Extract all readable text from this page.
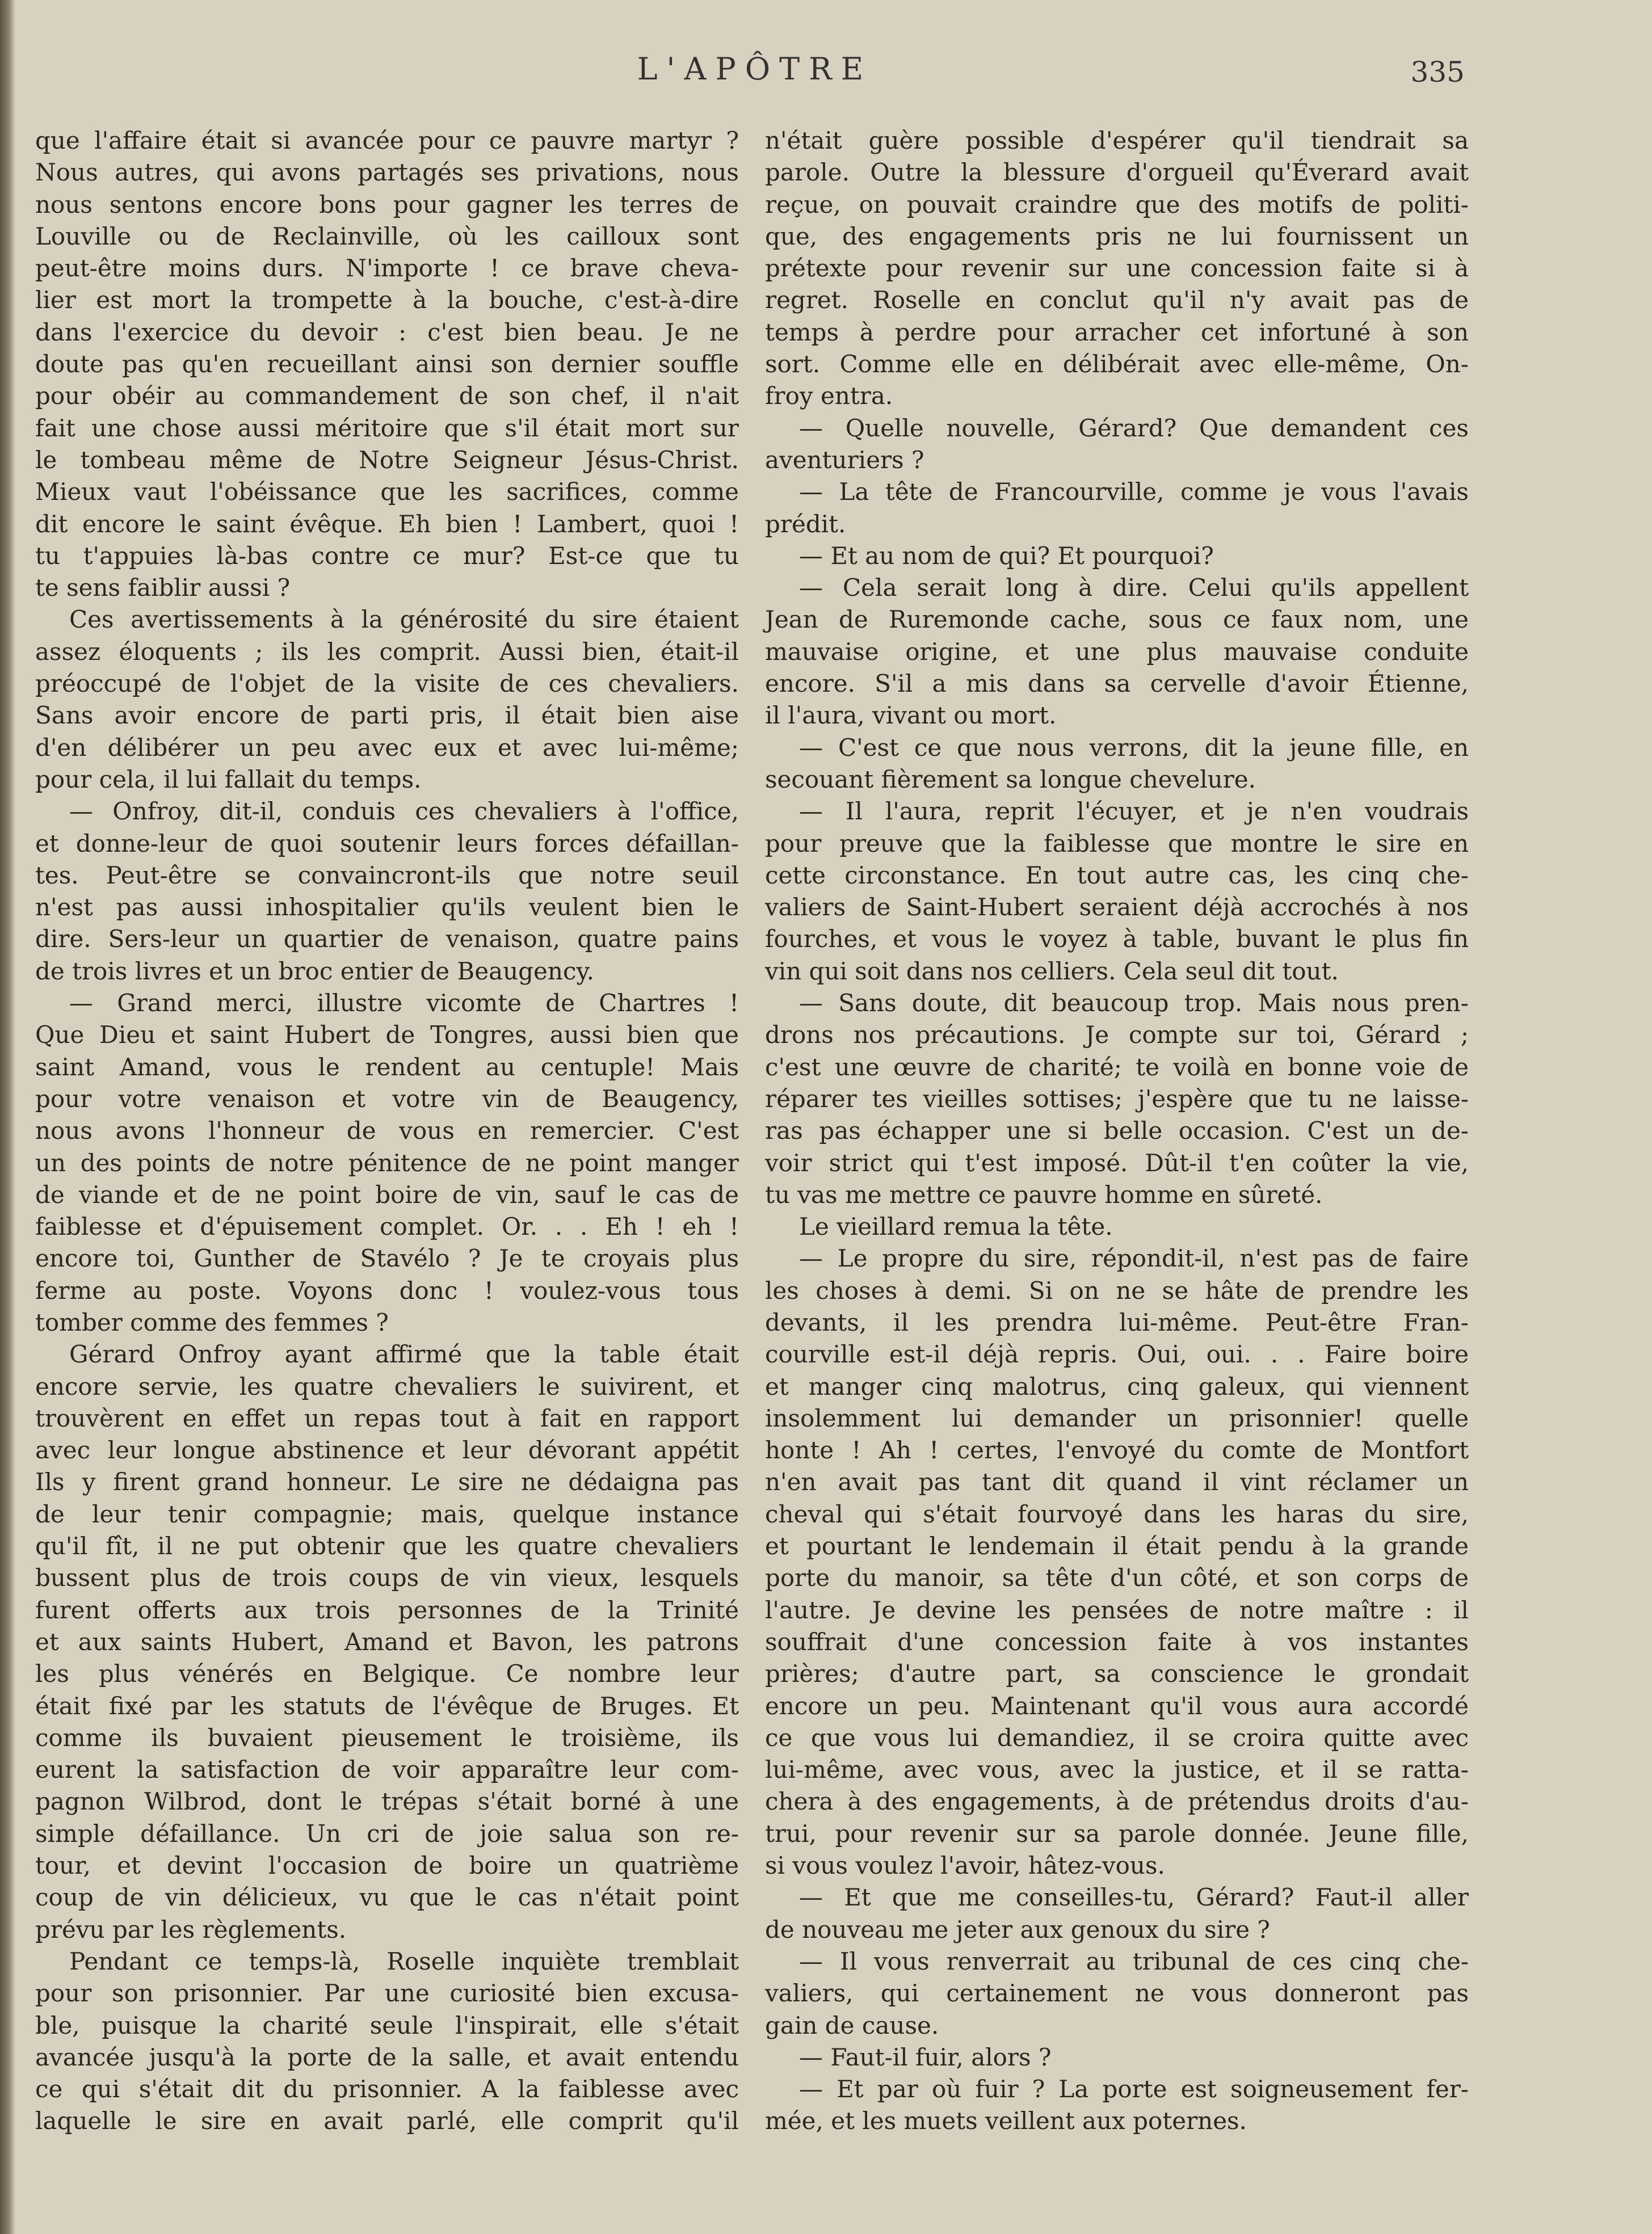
L'APÔTRE	335
que l'affaire était si avancée pour ce pauvre martyr ?
Nous autres, qui avons partagés ses privations, nous
nous sentons encore bons pour gagner les terres de
Louville ou de Reclainville, où les cailloux sont
peut-être moins durs. N'importe ! ce brave cheva-
lier est mort la trompette à la bouche, c'est-à-dire
dans l'exercice du devoir : c'est bien beau. Je ne
doute pas qu'en recueillant ainsi son dernier souffle
pour obéir au commandement de son chef, il n'ait
fait une chose aussi méritoire que s'il était mort sur
le tombeau même de Notre Seigneur Jésus-Christ.
Mieux vaut l'obéissance que les sacrifices, comme
dit encore le saint évêque. Eh bien ! Lambert, quoi !
tu t'appuies là-bas contre ce mur? Est-ce que tu
te sens faiblir aussi ?
Ces avertissements à la générosité du sire étaient
assez éloquents ; ils les comprit. Aussi bien, était-il
préoccupé de l'objet de la visite de ces chevaliers.
Sans avoir encore de parti pris, il était bien aise
d'en délibérer un peu avec eux et avec lui-même;
pour cela, il lui fallait du temps.
— Onfroy, dit-il, conduis ces chevaliers à l'office,
et donne-leur de quoi soutenir leurs forces défaillan-
tes. Peut-être se convaincront-ils que notre seuil
n'est pas aussi inhospitalier qu'ils veulent bien le
dire. Sers-leur un quartier de venaison, quatre pains
de trois livres et un broc entier de Beaugency.
— Grand merci, illustre vicomte de Chartres !
Que Dieu et saint Hubert de Tongres, aussi bien que
saint Amand, vous le rendent au centuple! Mais
pour votre venaison et votre vin de Beaugency,
nous avons l'honneur de vous en remercier. C'est
un des points de notre pénitence de ne point manger
de viande et de ne point boire de vin, sauf le cas de
faiblesse et d'épuisement complet. Or. . . Eh ! eh !
encore toi, Gunther de Stavélo ? Je te croyais plus
ferme au poste. Voyons donc ! voulez-vous tous
tomber comme des femmes ?
Gérard Onfroy ayant affirmé que la table était
encore servie, les quatre chevaliers le suivirent, et
trouvèrent en effet un repas tout à fait en rapport
avec leur longue abstinence et leur dévorant appétit
Ils y firent grand honneur. Le sire ne dédaigna pas
de leur tenir compagnie; mais, quelque instance
qu'il fît, il ne put obtenir que les quatre chevaliers
bussent plus de trois coups de vin vieux, lesquels
furent offerts aux trois personnes de la Trinité
et aux saints Hubert, Amand et Bavon, les patrons
les plus vénérés en Belgique. Ce nombre leur
était fixé par les statuts de l'évêque de Bruges. Et
comme ils buvaient pieusement le troisième, ils
eurent la satisfaction de voir apparaître leur com-
pagnon Wilbrod, dont le trépas s'était borné à une
simple défaillance. Un cri de joie salua son re-
tour, et devint l'occasion de boire un quatrième
coup de vin délicieux, vu que le cas n'était point
prévu par les règlements.
Pendant ce temps-là, Roselle inquiète tremblait
pour son prisonnier. Par une curiosité bien excusa-
ble, puisque la charité seule l'inspirait, elle s'était
avancée jusqu'à la porte de la salle, et avait entendu
ce qui s'était dit du prisonnier. A la faiblesse avec
laquelle le sire en avait parlé, elle comprit qu'il
n'était guère possible d'espérer qu'il tiendrait sa
parole. Outre la blessure d'orgueil qu'Éverard avait
reçue, on pouvait craindre que des motifs de politi-
que, des engagements pris ne lui fournissent un
prétexte pour revenir sur une concession faite si à
regret. Roselle en conclut qu'il n'y avait pas de
temps à perdre pour arracher cet infortuné à son
sort. Comme elle en délibérait avec elle-même, On-
froy entra.
— Quelle nouvelle, Gérard? Que demandent ces
aventuriers ?
— La tête de Francourville, comme je vous l'avais
prédit.
— Et au nom de qui? Et pourquoi?
— Cela serait long à dire. Celui qu'ils appellent
Jean de Ruremonde cache, sous ce faux nom, une
mauvaise origine, et une plus mauvaise conduite
encore. S'il a mis dans sa cervelle d'avoir Étienne,
il l'aura, vivant ou mort.
— C'est ce que nous verrons, dit la jeune fille, en
secouant fièrement sa longue chevelure.
— Il l'aura, reprit l'écuyer, et je n'en voudrais
pour preuve que la faiblesse que montre le sire en
cette circonstance. En tout autre cas, les cinq che-
valiers de Saint-Hubert seraient déjà accrochés à nos
fourches, et vous le voyez à table, buvant le plus fin
vin qui soit dans nos celliers. Cela seul dit tout.
— Sans doute, dit beaucoup trop. Mais nous pren-
drons nos précautions. Je compte sur toi, Gérard ;
c'est une œuvre de charité; te voilà en bonne voie de
réparer tes vieilles sottises; j'espère que tu ne laisse-
ras pas échapper une si belle occasion. C'est un de-
voir strict qui t'est imposé. Dût-il t'en coûter la vie,
tu vas me mettre ce pauvre homme en sûreté.
Le vieillard remua la tête.
— Le propre du sire, répondit-il, n'est pas de faire
les choses à demi. Si on ne se hâte de prendre les
devants, il les prendra lui-même. Peut-être Fran-
courville est-il déjà repris. Oui, oui. . . Faire boire
et manger cinq malotrus, cinq galeux, qui viennent
insolemment lui demander un prisonnier! quelle
honte ! Ah ! certes, l'envoyé du comte de Montfort
n'en avait pas tant dit quand il vint réclamer un
cheval qui s'était fourvoyé dans les haras du sire,
et pourtant le lendemain il était pendu à la grande
porte du manoir, sa tête d'un côté, et son corps de
l'autre. Je devine les pensées de notre maître : il
souffrait d'une concession faite à vos instantes
prières; d'autre part, sa conscience le grondait
encore un peu. Maintenant qu'il vous aura accordé
ce que vous lui demandiez, il se croira quitte avec
lui-même, avec vous, avec la justice, et il se ratta-
chera à des engagements, à de prétendus droits d'au-
trui, pour revenir sur sa parole donnée. Jeune fille,
si vous voulez l'avoir, hâtez-vous.
— Et que me conseilles-tu, Gérard? Faut-il aller
de nouveau me jeter aux genoux du sire ?
— Il vous renverrait au tribunal de ces cinq che-
valiers, qui certainement ne vous donneront pas
gain de cause.
— Faut-il fuir, alors ?
— Et par où fuir ? La porte est soigneusement fer-
mée, et les muets veillent aux poternes.
